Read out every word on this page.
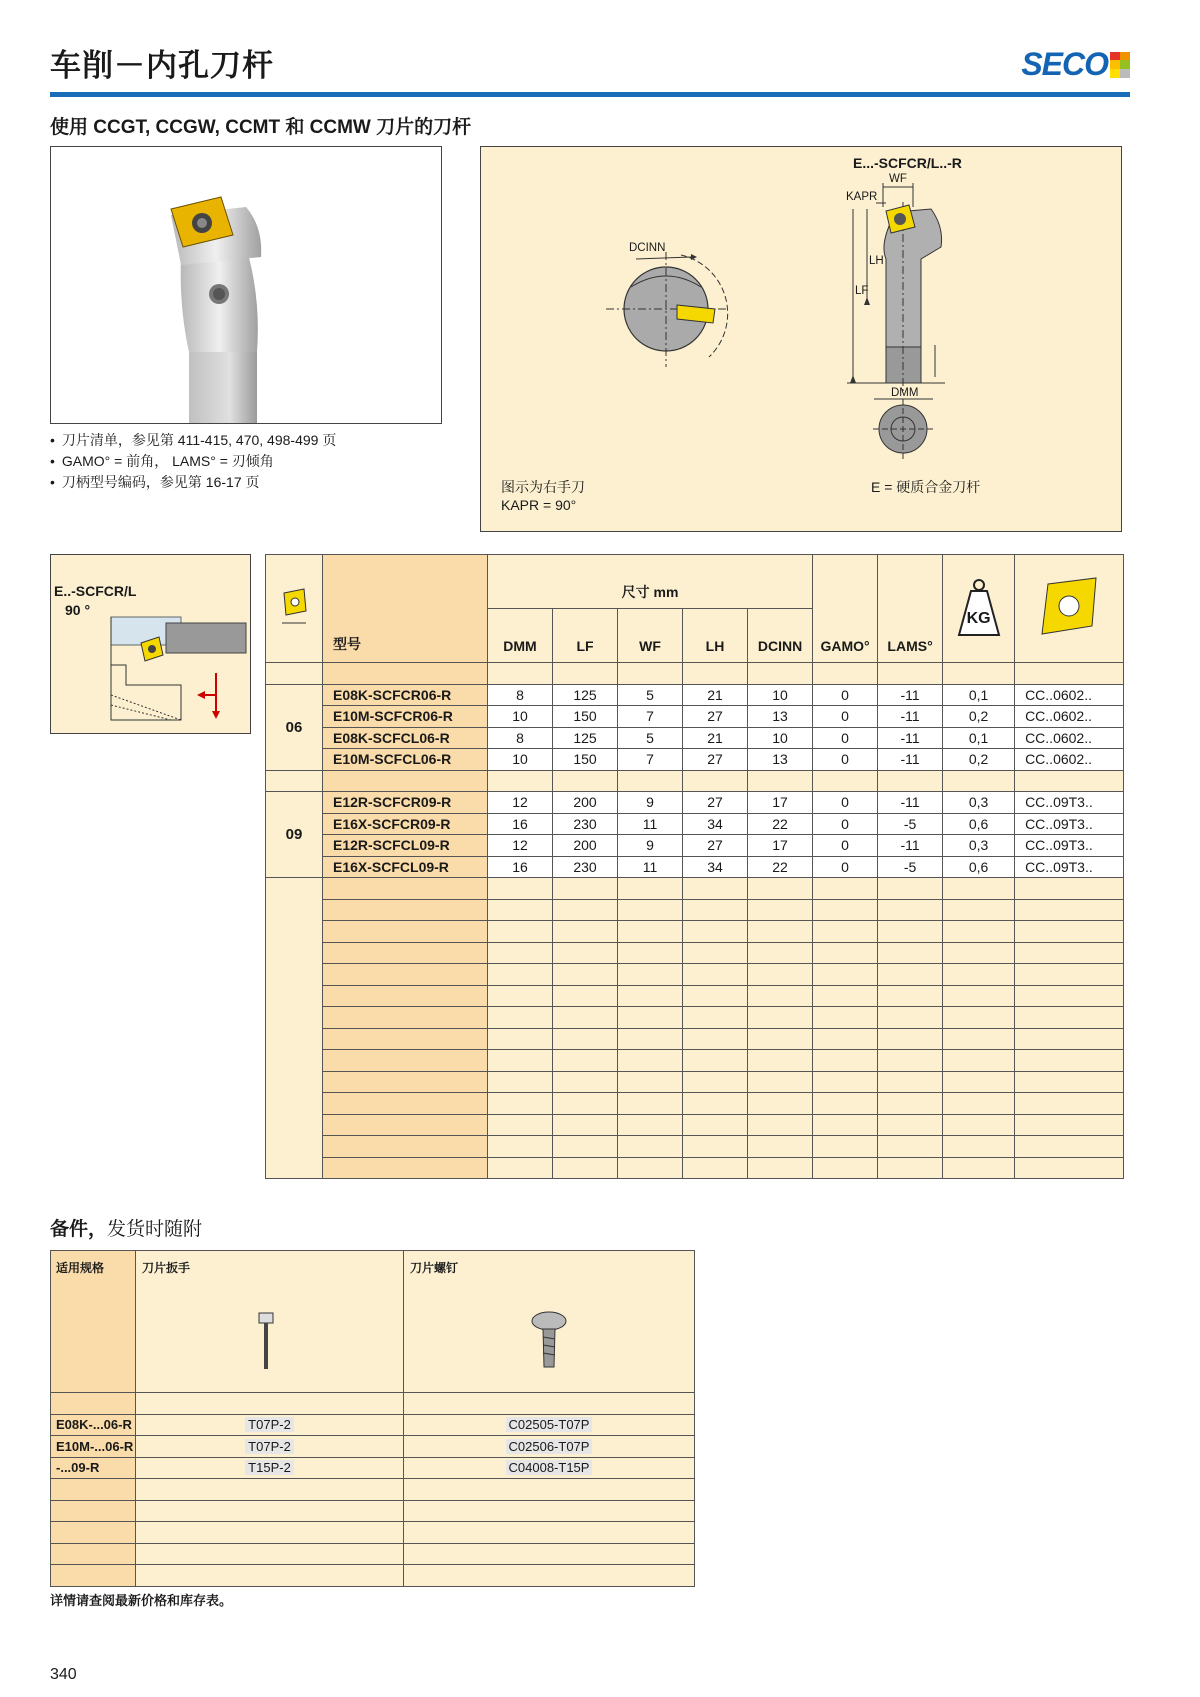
车削－内孔刀杆	SECO
使用 CCGT, CCGW, CCMT 和 CCMW 刀片的刀杆
• 刀片清单，参见第 411-415, 470, 498-499 页
• GAMO° = 前角， LAMS° = 刃倾角
• 刀柄型号编码，参见第 16-17 页
E...-SCFCR/L..-R
DCINN
WF
KAPR
LH
LF
DMM
图示为右手刀
KAPR = 90°
E = 硬质合金刀杆
E..-SCFCR/L
90 °
	型号	尺寸 mm					GAMO°	LAMS°	KG

		DMM	LF	WF	LH	DCINN				

06	E08K-SCFCR06-R	8	125	5	21	10	0	-11	0,1	CC..0602..
	E10M-SCFCR06-R	10	150	7	27	13	0	-11	0,2	CC..0602..
	E08K-SCFCL06-R	8	125	5	21	10	0	-11	0,1	CC..0602..
	E10M-SCFCL06-R	10	150	7	27	13	0	-11	0,2	CC..0602..

09	E12R-SCFCR09-R	12	200	9	27	17	0	-11	0,3	CC..09T3..
	E16X-SCFCR09-R	16	230	11	34	22	0	-5	0,6	CC..09T3..
	E12R-SCFCL09-R	12	200	9	27	17	0	-11	0,3	CC..09T3..
	E16X-SCFCL09-R	16	230	11	34	22	0	-5	0,6	CC..09T3..

备件，发货时随附
适用规格	刀片扳手	刀片螺钉

E08K-...06-R	T07P-2	C02505-T07P
E10M-...06-R	T07P-2	C02506-T07P
-...09-R	T15P-2	C04008-T15P

详情请查阅最新价格和库存表。
340
